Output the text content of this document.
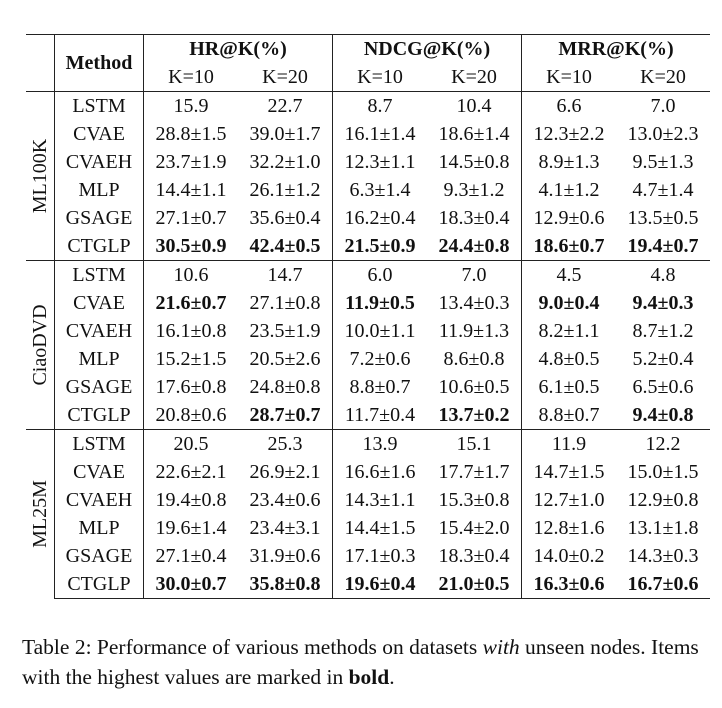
	Method	HR@K(%)		NDCG@K(%)		MRR@K(%)	
		K=10	K=20	K=10	K=20	K=10	K=20

ML100K	LSTM	15.9	22.7	8.7	10.4	6.6	7.0
	CVAE	28.8±1.5	39.0±1.7	16.1±1.4	18.6±1.4	12.3±2.2	13.0±2.3
	CVAEH	23.7±1.9	32.2±1.0	12.3±1.1	14.5±0.8	8.9±1.3	9.5±1.3
	MLP	14.4±1.1	26.1±1.2	6.3±1.4	9.3±1.2	4.1±1.2	4.7±1.4
	GSAGE	27.1±0.7	35.6±0.4	16.2±0.4	18.3±0.4	12.9±0.6	13.5±0.5
	CTGLP	30.5±0.9	42.4±0.5	21.5±0.9	24.4±0.8	18.6±0.7	19.4±0.7

CiaoDVD	LSTM	10.6	14.7	6.0	7.0	4.5	4.8
	CVAE	21.6±0.7	27.1±0.8	11.9±0.5	13.4±0.3	9.0±0.4	9.4±0.3
	CVAEH	16.1±0.8	23.5±1.9	10.0±1.1	11.9±1.3	8.2±1.1	8.7±1.2
	MLP	15.2±1.5	20.5±2.6	7.2±0.6	8.6±0.8	4.8±0.5	5.2±0.4
	GSAGE	17.6±0.8	24.8±0.8	8.8±0.7	10.6±0.5	6.1±0.5	6.5±0.6
	CTGLP	20.8±0.6	28.7±0.7	11.7±0.4	13.7±0.2	8.8±0.7	9.4±0.8

ML25M	LSTM	20.5	25.3	13.9	15.1	11.9	12.2
	CVAE	22.6±2.1	26.9±2.1	16.6±1.6	17.7±1.7	14.7±1.5	15.0±1.5
	CVAEH	19.4±0.8	23.4±0.6	14.3±1.1	15.3±0.8	12.7±1.0	12.9±0.8
	MLP	19.6±1.4	23.4±3.1	14.4±1.5	15.4±2.0	12.8±1.6	13.1±1.8
	GSAGE	27.1±0.4	31.9±0.6	17.1±0.3	18.3±0.4	14.0±0.2	14.3±0.3
	CTGLP	30.0±0.7	35.8±0.8	19.6±0.4	21.0±0.5	16.3±0.6	16.7±0.6
Table 2: Performance of various methods on datasets with unseen nodes. Items with the highest values are marked in bold.
